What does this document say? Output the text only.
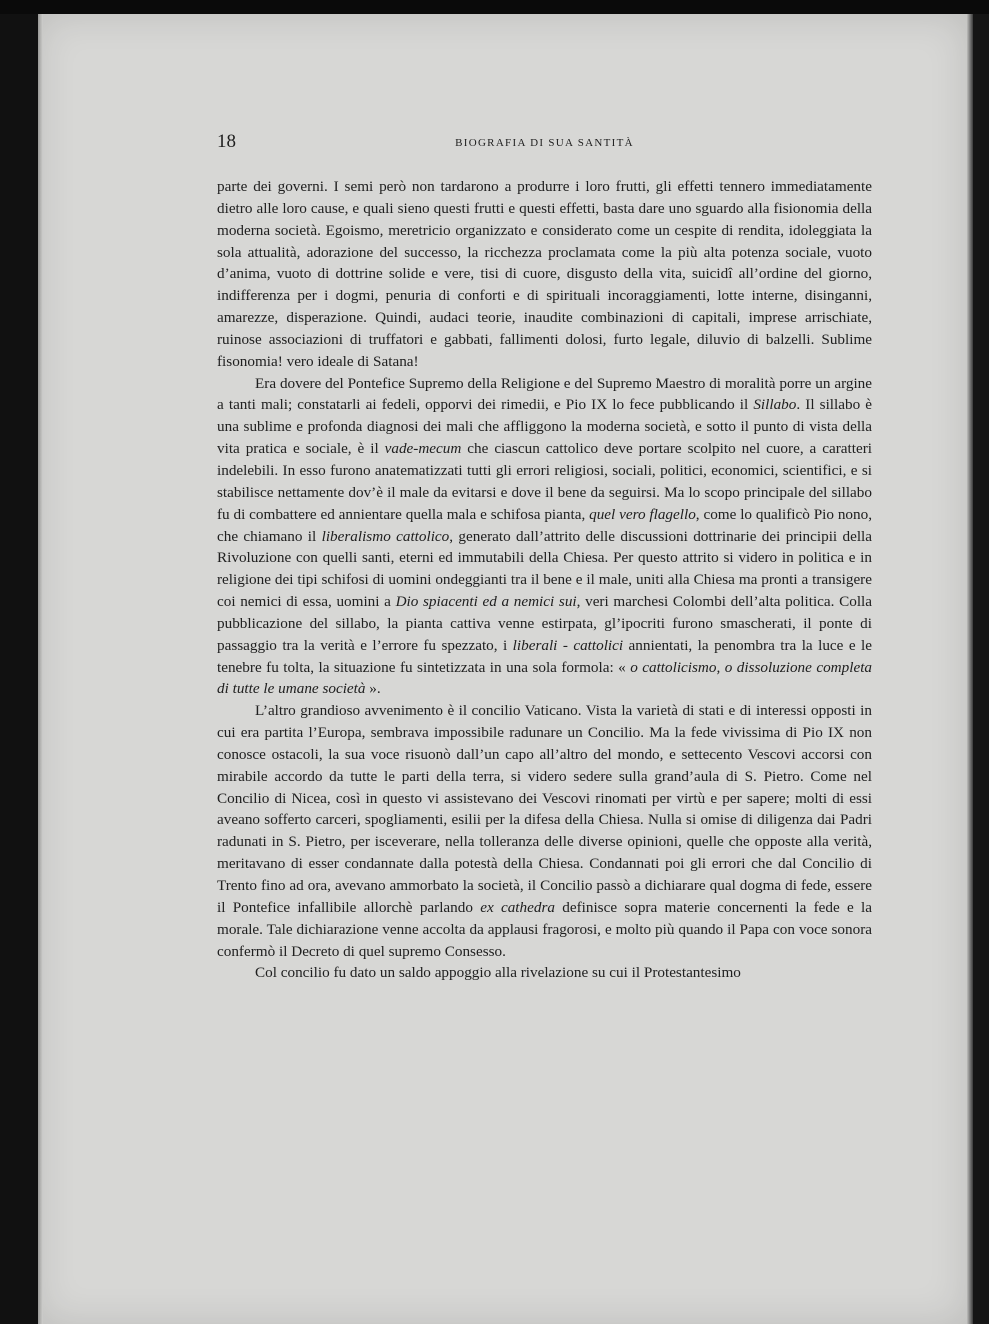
18	BIOGRAFIA DI SUA SANTITÀ

parte dei governi. I semi però non tardarono a produrre i loro frutti, gli effetti tennero immediatamente dietro alle loro cause, e quali sieno questi frutti e questi effetti, basta dare uno sguardo alla fisionomia della moderna società. Egoismo, meretricio organizzato e considerato come un cespite di rendita, idoleggiata la sola attualità, adorazione del successo, la ricchezza proclamata come la più alta potenza sociale, vuoto d’anima, vuoto di dottrine solide e vere, tisi di cuore, disgusto della vita, suicidî all’ordine del giorno, indifferenza per i dogmi, penuria di conforti e di spirituali incoraggiamenti, lotte interne, disinganni, amarezze, disperazione. Quindi, audaci teorie, inaudite combinazioni di capitali, imprese arrischiate, ruinose associazioni di truffatori e gabbati, fallimenti dolosi, furto legale, diluvio di balzelli. Sublime fisonomia! vero ideale di Satana!

Era dovere del Pontefice Supremo della Religione e del Supremo Maestro di moralità porre un argine a tanti mali; constatarli ai fedeli, opporvi dei rimedii, e Pio IX lo fece pubblicando il Sillabo. Il sillabo è una sublime e profonda diagnosi dei mali che affliggono la moderna società, e sotto il punto di vista della vita pratica e sociale, è il vade-mecum che ciascun cattolico deve portare scolpito nel cuore, a caratteri indelebili. In esso furono anatematizzati tutti gli errori religiosi, sociali, politici, economici, scientifici, e si stabilisce nettamente dov’è il male da evitarsi e dove il bene da seguirsi. Ma lo scopo principale del sillabo fu di combattere ed annientare quella mala e schifosa pianta, quel vero flagello, come lo qualificò Pio nono, che chiamano il liberalismo cattolico, generato dall’attrito delle discussioni dottrinarie dei principii della Rivoluzione con quelli santi, eterni ed immutabili della Chiesa. Per questo attrito si videro in politica e in religione dei tipi schifosi di uomini ondeggianti tra il bene e il male, uniti alla Chiesa ma pronti a transigere coi nemici di essa, uomini a Dio spiacenti ed a nemici sui, veri marchesi Colombi dell’alta politica. Colla pubblicazione del sillabo, la pianta cattiva venne estirpata, gl’ipocriti furono smascherati, il ponte di passaggio tra la verità e l’errore fu spezzato, i liberali - cattolici annientati, la penombra tra la luce e le tenebre fu tolta, la situazione fu sintetizzata in una sola formola: « o cattolicismo, o dissoluzione completa di tutte le umane società ».

L’altro grandioso avvenimento è il concilio Vaticano. Vista la varietà di stati e di interessi opposti in cui era partita l’Europa, sembrava impossibile radunare un Concilio. Ma la fede vivissima di Pio IX non conosce ostacoli, la sua voce risuonò dall’un capo all’altro del mondo, e settecento Vescovi accorsi con mirabile accordo da tutte le parti della terra, si videro sedere sulla grand’aula di S. Pietro. Come nel Concilio di Nicea, così in questo vi assistevano dei Vescovi rinomati per virtù e per sapere; molti di essi aveano sofferto carceri, spogliamenti, esilii per la difesa della Chiesa. Nulla si omise di diligenza dai Padri radunati in S. Pietro, per isceverare, nella tolleranza delle diverse opinioni, quelle che opposte alla verità, meritavano di esser condannate dalla potestà della Chiesa. Condannati poi gli errori che dal Concilio di Trento fino ad ora, avevano ammorbato la società, il Concilio passò a dichiarare qual dogma di fede, essere il Pontefice infallibile allorchè parlando ex cathedra definisce sopra materie concernenti la fede e la morale. Tale dichiarazione venne accolta da applausi fragorosi, e molto più quando il Papa con voce sonora confermò il Decreto di quel supremo Consesso.

Col concilio fu dato un saldo appoggio alla rivelazione su cui il Protestantesimo
